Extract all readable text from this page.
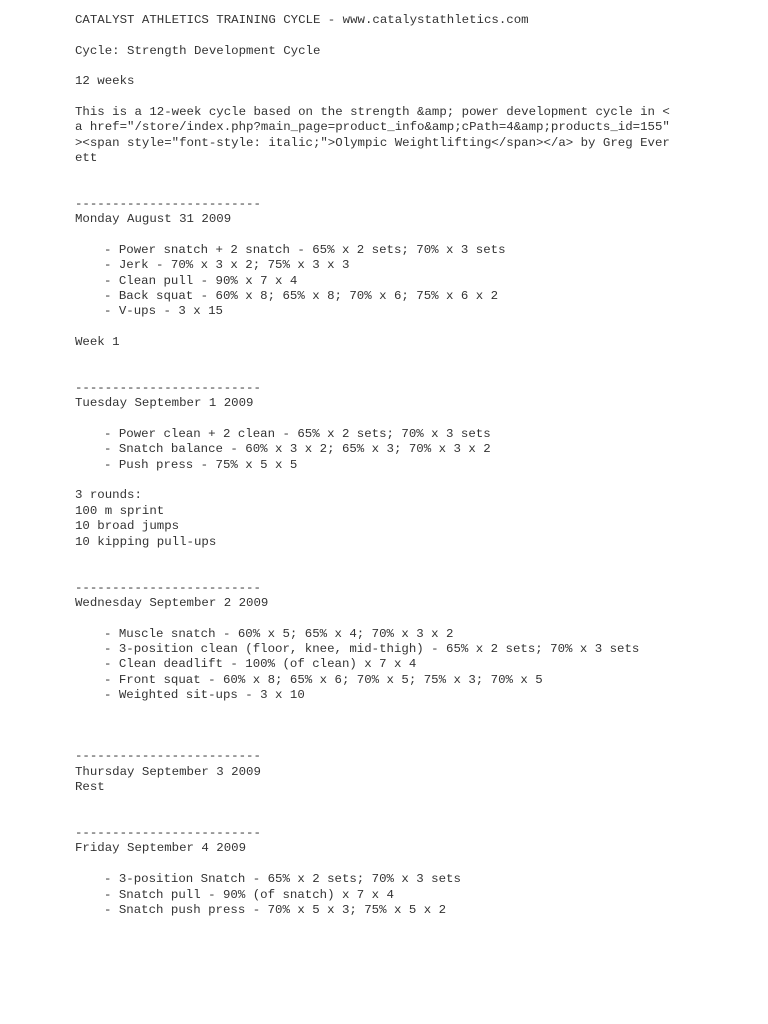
CATALYST ATHLETICS TRAINING CYCLE - www.catalystathletics.com
Cycle: Strength Development Cycle
12 weeks
This is a 12-week cycle based on the strength &amp; power development cycle in <
a href="/store/index.php?main_page=product_info&amp;cPath=4&amp;products_id=155"
><span style="font-style: italic;">Olympic Weightlifting</span></a> by Greg Ever
ett
-------------------------
Monday August 31 2009
- Power snatch + 2 snatch - 65% x 2 sets; 70% x 3 sets
- Jerk - 70% x 3 x 2; 75% x 3 x 3
- Clean pull - 90% x 7 x 4
- Back squat - 60% x 8; 65% x 8; 70% x 6; 75% x 6 x 2
- V-ups - 3 x 15
Week 1
-------------------------
Tuesday September 1 2009
- Power clean + 2 clean - 65% x 2 sets; 70% x 3 sets
- Snatch balance - 60% x 3 x 2; 65% x 3; 70% x 3 x 2
- Push press - 75% x 5 x 5
3 rounds:
100 m sprint
10 broad jumps
10 kipping pull-ups
-------------------------
Wednesday September 2 2009
- Muscle snatch - 60% x 5; 65% x 4; 70% x 3 x 2
- 3-position clean (floor, knee, mid-thigh) - 65% x 2 sets; 70% x 3 sets
- Clean deadlift - 100% (of clean) x 7 x 4
- Front squat - 60% x 8; 65% x 6; 70% x 5; 75% x 3; 70% x 5
- Weighted sit-ups - 3 x 10
-------------------------
Thursday September 3 2009
Rest
-------------------------
Friday September 4 2009
- 3-position Snatch - 65% x 2 sets; 70% x 3 sets
- Snatch pull - 90% (of snatch) x 7 x 4
- Snatch push press - 70% x 5 x 3; 75% x 5 x 2
